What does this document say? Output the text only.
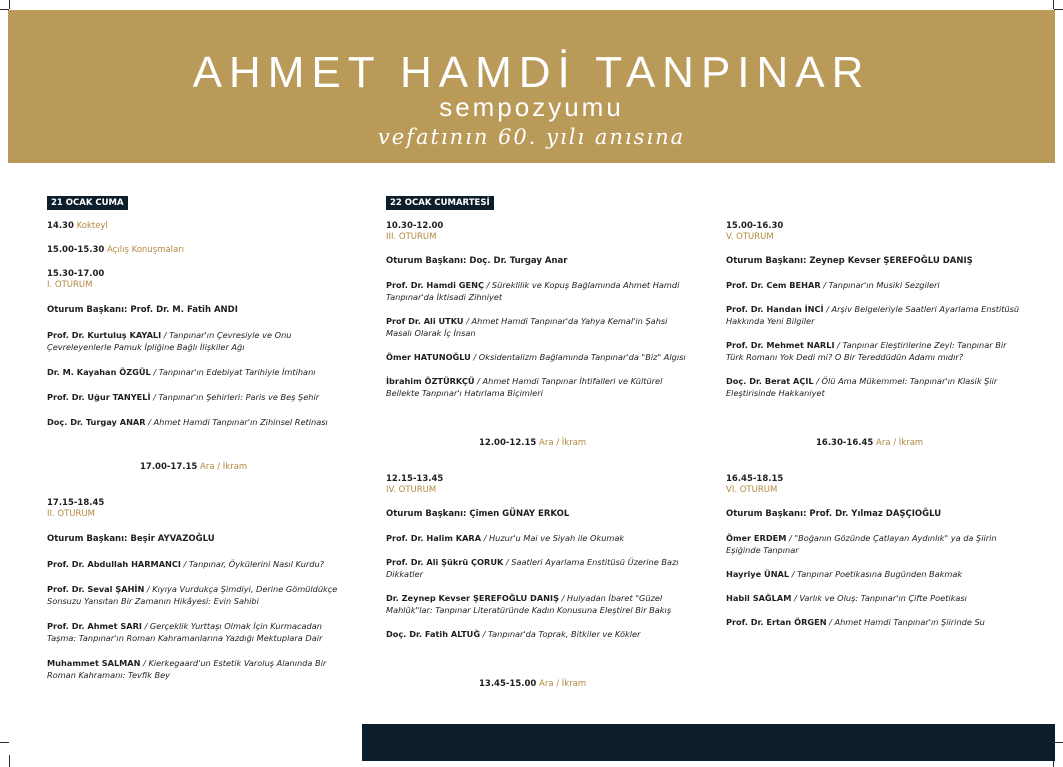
AHMET HAMDİ TANPINAR
sempozyumu
vefatının 60. yılı anısına
21 OCAK CUMA
14.30 Kokteyl
15.00-15.30 Açılış Konuşmaları
15.30-17.00
I. OTURUM
Oturum Başkanı: Prof. Dr. M. Fatih ANDI
Prof. Dr. Kurtuluş KAYALI / Tanpınar'ın Çevresiyle ve Onu Çevreleyenlerle Pamuk İpliğine Bağlı İlişkiler Ağı
Dr. M. Kayahan ÖZGÜL / Tanpınar'ın Edebiyat Tarihiyle İmtihanı
Prof. Dr. Uğur TANYELİ / Tanpınar'ın Şehirleri: Paris ve Beş Şehir
Doç. Dr. Turgay ANAR / Ahmet Hamdi Tanpınar'ın Zihinsel Retinası
17.00-17.15 Ara / İkram
17.15-18.45
II. OTURUM
Oturum Başkanı: Beşir AYVAZOĞLU
Prof. Dr. Abdullah HARMANCI / Tanpınar, Öykülerini Nasıl Kurdu?
Prof. Dr. Seval ŞAHİN / Kıyıya Vurdukça Şimdiyi, Derine Gömüldükçe Sonsuzu Yansıtan Bir Zamanın Hikâyesi: Evin Sahibi
Prof. Dr. Ahmet SARI / Gerçeklik Yurttaşı Olmak İçin Kurmacadan Taşma: Tanpınar'ın Roman Kahramanlarına Yazdığı Mektuplara Dair
Muhammet SALMAN / Kierkegaard'un Estetik Varoluş Alanında Bir Roman Kahramanı: Tevfik Bey
22 OCAK CUMARTESİ
10.30-12.00
III. OTURUM
Oturum Başkanı: Doç. Dr. Turgay Anar
Prof. Dr. Hamdi GENÇ / Süreklilik ve Kopuş Bağlamında Ahmet Hamdi Tanpınar'da İktisadi Zihniyet
Prof Dr. Ali UTKU / Ahmet Hamdi Tanpınar'da Yahya Kemal'in Şahsi Masalı Olarak İç İnsan
Ömer HATUNOĞLU / Oksidentalizm Bağlamında Tanpınar'da "Biz" Algısı
İbrahim ÖZTÜRKÇÜ / Ahmet Hamdi Tanpınar İhtifalleri ve Kültürel Bellekte Tanpınar'ı Hatırlama Biçimleri
12.00-12.15 Ara / İkram
12.15-13.45
IV. OTURUM
Oturum Başkanı: Çimen GÜNAY ERKOL
Prof. Dr. Halim KARA / Huzur'u Mai ve Siyah ile Okumak
Prof. Dr. Ali Şükrü ÇORUK / Saatleri Ayarlama Enstitüsü Üzerine Bazı Dikkatler
Dr. Zeynep Kevser ŞEREFOĞLU DANIŞ / Hulyadan İbaret "Güzel Mahlûk"lar: Tanpınar Literatüründe Kadın Konusuna Eleştirel Bir Bakış
Doç. Dr. Fatih ALTUĞ / Tanpınar'da Toprak, Bitkiler ve Kökler
13.45-15.00 Ara / İkram
15.00-16.30
V. OTURUM
Oturum Başkanı: Zeynep Kevser ŞEREFOĞLU DANIŞ
Prof. Dr. Cem BEHAR / Tanpınar'ın Musiki Sezgileri
Prof. Dr. Handan İNCİ / Arşiv Belgeleriyle Saatleri Ayarlama Enstitüsü Hakkında Yeni Bilgiler
Prof. Dr. Mehmet NARLI / Tanpınar Eleştirilerine Zeyl: Tanpınar Bir Türk Romanı Yok Dedi mi? O Bir Tereddüdün Adamı mıdır?
Doç. Dr. Berat AÇIL / Ölü Ama Mükemmel: Tanpınar'ın Klasik Şiir Eleştirisinde Hakkaniyet
16.30-16.45 Ara / İkram
16.45-18.15
VI. OTURUM
Oturum Başkanı: Prof. Dr. Yılmaz DAŞÇIOĞLU
Ömer ERDEM / "Boğanın Gözünde Çatlayan Aydınlık" ya da Şiirin Eşiğinde Tanpınar
Hayriye ÜNAL / Tanpınar Poetikasına Bugünden Bakmak
Habil SAĞLAM / Varlık ve Oluş: Tanpınar'ın Çifte Poetikası
Prof. Dr. Ertan ÖRGEN / Ahmet Hamdi Tanpınar'ın Şiirinde Su
